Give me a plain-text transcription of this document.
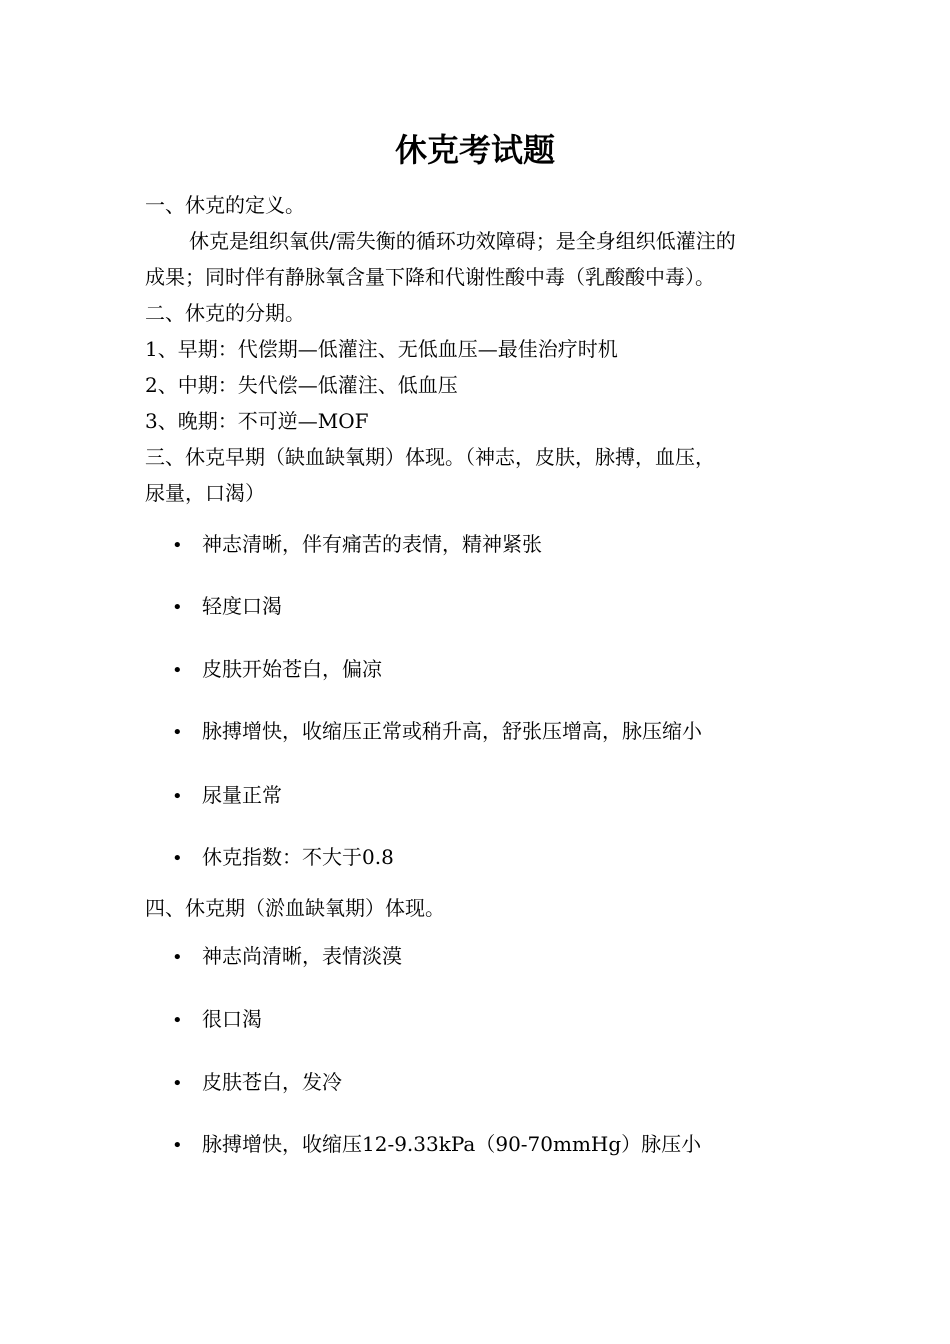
休克考试题
一、休克的定义。
休克是组织氧供/需失衡的循环功效障碍；是全身组织低灌注的
成果；同时伴有静脉氧含量下降和代谢性酸中毒（乳酸酸中毒）。
二、休克的分期。
1、早期：代偿期—低灌注、无低血压—最佳治疗时机
2、中期：失代偿—低灌注、低血压
3、晚期：不可逆—MOF
三、休克早期（缺血缺氧期）体现。（神志，皮肤，脉搏，血压，
尿量，口渴）
• 神志清晰，伴有痛苦的表情，精神紧张
• 轻度口渴
• 皮肤开始苍白，偏凉
• 脉搏增快，收缩压正常或稍升高，舒张压增高，脉压缩小
• 尿量正常
• 休克指数：不大于0.8
四、休克期（淤血缺氧期）体现。
• 神志尚清晰，表情淡漠
• 很口渴
• 皮肤苍白，发冷
• 脉搏增快，收缩压12-9.33kPa（90-70mmHg）脉压小
